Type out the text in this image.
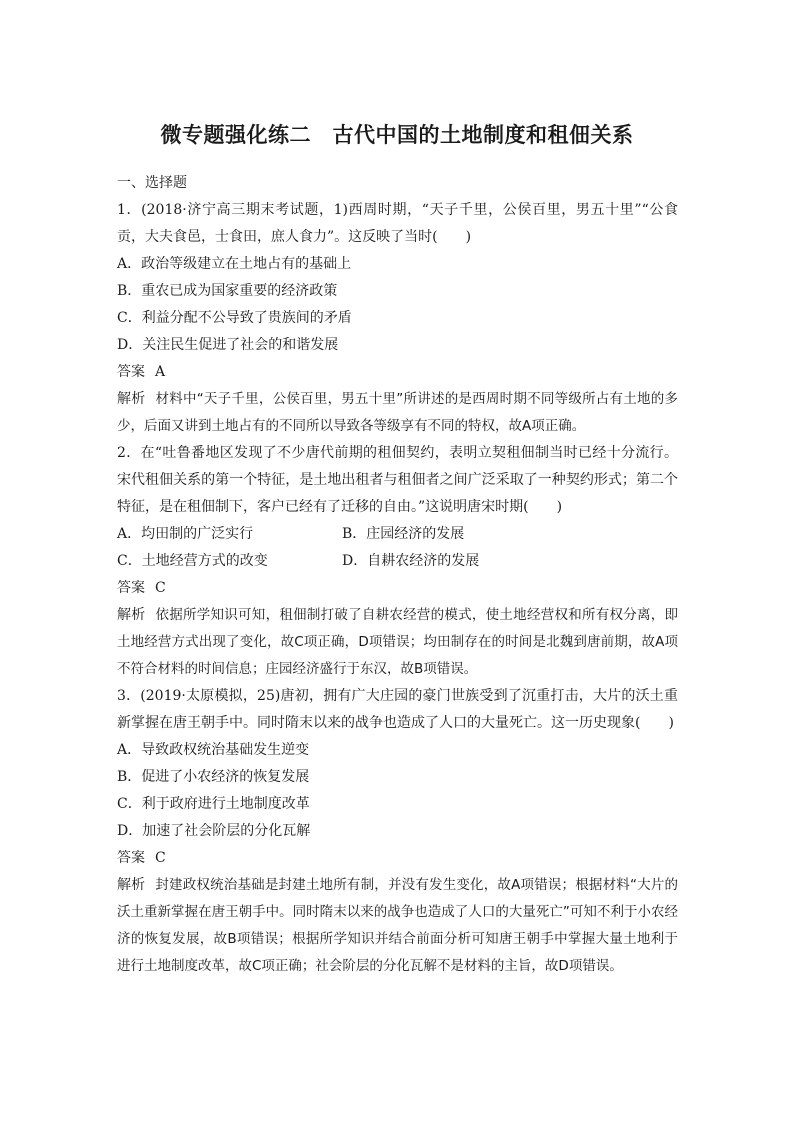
微专题强化练二　古代中国的土地制度和租佃关系
一、选择题
1．(2018·济宁高三期末考试题，1)西周时期，“天子千里，公侯百里，男五十里”“公食贡，大夫食邑，士食田，庶人食力”。这反映了当时(　　)
A．政治等级建立在土地占有的基础上
B．重农已成为国家重要的经济政策
C．利益分配不公导致了贵族间的矛盾
D．关注民生促进了社会的和谐发展
答案 A
解析 材料中“天子千里，公侯百里，男五十里”所讲述的是西周时期不同等级所占有土地的多少，后面又讲到土地占有的不同所以导致各等级享有不同的特权，故A项正确。
2．在“吐鲁番地区发现了不少唐代前期的租佃契约，表明立契租佃制当时已经十分流行。宋代租佃关系的第一个特征，是土地出租者与租佃者之间广泛采取了一种契约形式；第二个特征，是在租佃制下，客户已经有了迁移的自由。”这说明唐宋时期(　　)
A．均田制的广泛实行	B．庄园经济的发展
C．土地经营方式的改变	D．自耕农经济的发展
答案 C
解析 依据所学知识可知，租佃制打破了自耕农经营的模式，使土地经营权和所有权分离，即土地经营方式出现了变化，故C项正确，D项错误；均田制存在的时间是北魏到唐前期，故A项不符合材料的时间信息；庄园经济盛行于东汉，故B项错误。
3．(2019·太原模拟，25)唐初，拥有广大庄园的豪门世族受到了沉重打击，大片的沃土重新掌握在唐王朝手中。同时隋末以来的战争也造成了人口的大量死亡。这一历史现象(　　)
A．导致政权统治基础发生逆变
B．促进了小农经济的恢复发展
C．利于政府进行土地制度改革
D．加速了社会阶层的分化瓦解
答案 C
解析 封建政权统治基础是封建土地所有制，并没有发生变化，故A项错误；根据材料“大片的沃土重新掌握在唐王朝手中。同时隋末以来的战争也造成了人口的大量死亡”可知不利于小农经济的恢复发展，故B项错误；根据所学知识并结合前面分析可知唐王朝手中掌握大量土地利于进行土地制度改革，故C项正确；社会阶层的分化瓦解不是材料的主旨，故D项错误。
